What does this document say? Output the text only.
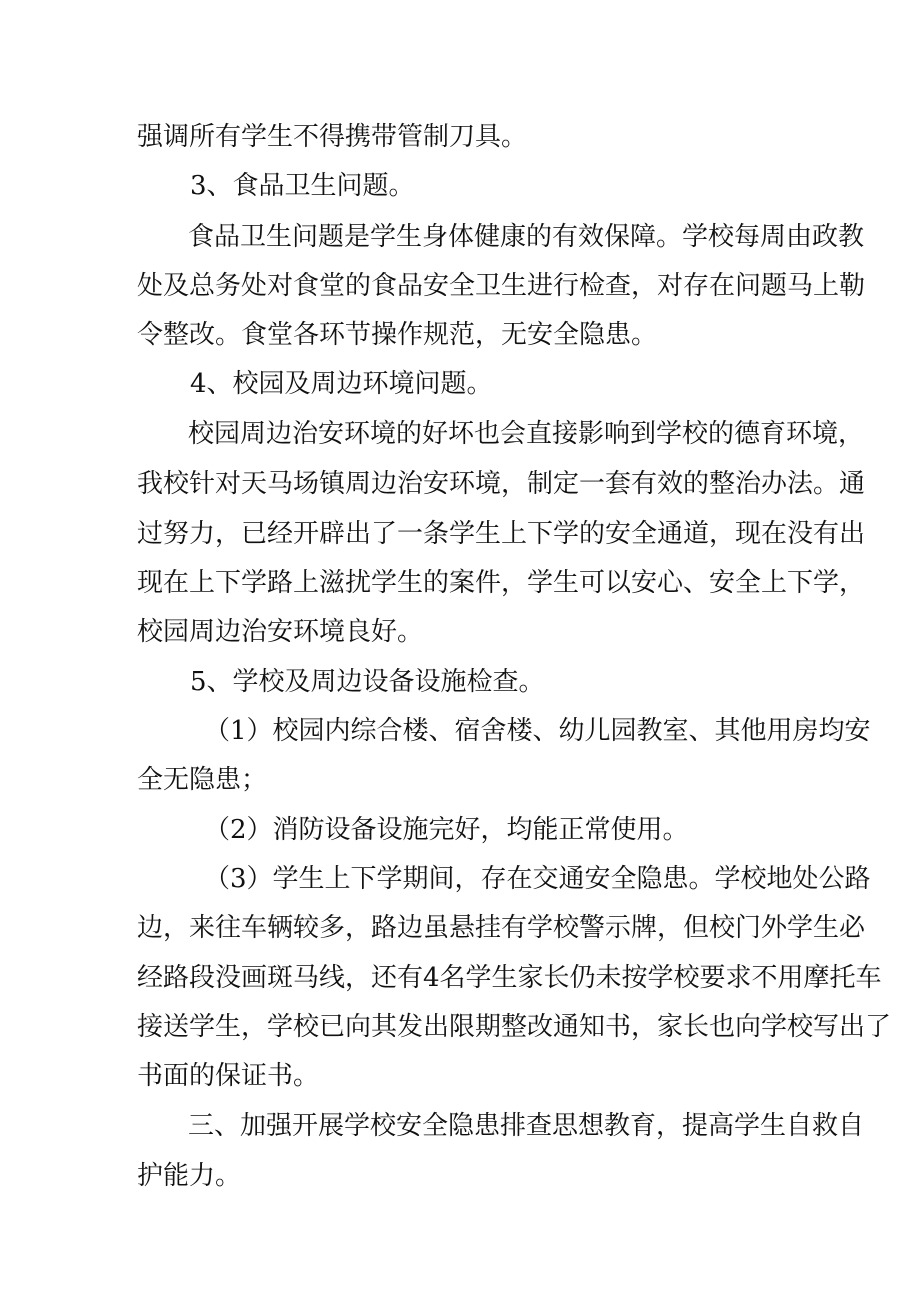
强调所有学生不得携带管制刀具。
3、食品卫生问题。
食品卫生问题是学生身体健康的有效保障。学校每周由政教
处及总务处对食堂的食品安全卫生进行检查，对存在问题马上勒
令整改。食堂各环节操作规范，无安全隐患。
4、校园及周边环境问题。
校园周边治安环境的好坏也会直接影响到学校的德育环境，
我校针对天马场镇周边治安环境，制定一套有效的整治办法。通
过努力，已经开辟出了一条学生上下学的安全通道，现在没有出
现在上下学路上滋扰学生的案件，学生可以安心、安全上下学，
校园周边治安环境良好。
5、学校及周边设备设施检查。
（1）校园内综合楼、宿舍楼、幼儿园教室、其他用房均安
全无隐患；
（2）消防设备设施完好，均能正常使用。
（3）学生上下学期间，存在交通安全隐患。学校地处公路
边，来往车辆较多，路边虽悬挂有学校警示牌，但校门外学生必
经路段没画斑马线，还有4名学生家长仍未按学校要求不用摩托车
接送学生，学校已向其发出限期整改通知书，家长也向学校写出了
书面的保证书。
三、加强开展学校安全隐患排查思想教育，提高学生自救自
护能力。
